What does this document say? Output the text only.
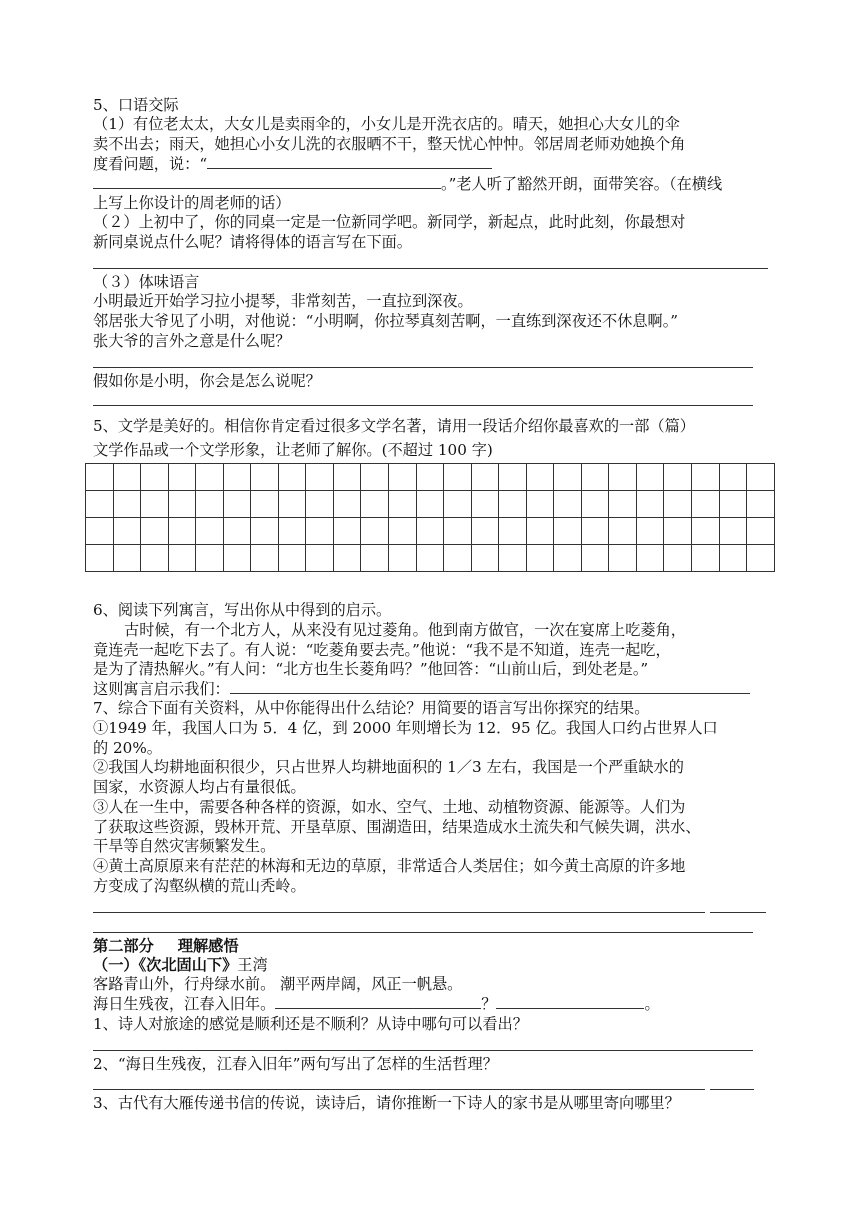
5、口语交际
（1）有位老太太，大女儿是卖雨伞的，小女儿是开洗衣店的。晴天，她担心大女儿的伞
卖不出去；雨天，她担心小女儿洗的衣服晒不干，整天忧心忡忡。邻居周老师劝她换个角
度看问题，说：“
。”老人听了豁然开朗，面带笑容。（在横线
上写上你设计的周老师的话）
（２）上初中了，你的同桌一定是一位新同学吧。新同学，新起点，此时此刻，你最想对
新同桌说点什么呢？请将得体的语言写在下面。
（３）体味语言
小明最近开始学习拉小提琴，非常刻苦，一直拉到深夜。
邻居张大爷见了小明，对他说：“小明啊，你拉琴真刻苦啊，一直练到深夜还不休息啊。”
张大爷的言外之意是什么呢？
假如你是小明，你会是怎么说呢？
5、文学是美好的。相信你肯定看过很多文学名著，请用一段话介绍你最喜欢的一部（篇）
文学作品或一个文学形象，让老师了解你。(不超过 100 字)

6、阅读下列寓言，写出你从中得到的启示。
古时候，有一个北方人，从来没有见过菱角。他到南方做官，一次在宴席上吃菱角，
竟连壳一起吃下去了。有人说：“吃菱角要去壳。”他说：“我不是不知道，连壳一起吃，
是为了清热解火。”有人问：“北方也生长菱角吗？”他回答：“山前山后，到处老是。”
这则寓言启示我们：
7、综合下面有关资料，从中你能得出什么结论？用简要的语言写出你探究的结果。
①1949 年，我国人口为 5．4 亿，到 2000 年则增长为 12．95 亿。我国人口约占世界人口
的 20%。
②我国人均耕地面积很少，只占世界人均耕地面积的 1／3 左右，我国是一个严重缺水的
国家，水资源人均占有量很低。
③人在一生中，需要各种各样的资源，如水、空气、土地、动植物资源、能源等。人们为
了获取这些资源，毁林开荒、开垦草原、围湖造田，结果造成水土流失和气候失调，洪水、
干旱等自然灾害频繁发生。
④黄土高原原来有茫茫的林海和无边的草原，非常适合人类居住；如今黄土高原的许多地
方变成了沟壑纵横的荒山秃岭。
第二部分 理解感悟
（一）《次北固山下》王湾
客路青山外，行舟绿水前。 潮平两岸阔，风正一帆悬。
海日生残夜，江春入旧年。	？	。
1、诗人对旅途的感觉是顺利还是不顺利？从诗中哪句可以看出？
2、“海日生残夜，江春入旧年”两句写出了怎样的生活哲理？
3、古代有大雁传递书信的传说，读诗后，请你推断一下诗人的家书是从哪里寄向哪里？
